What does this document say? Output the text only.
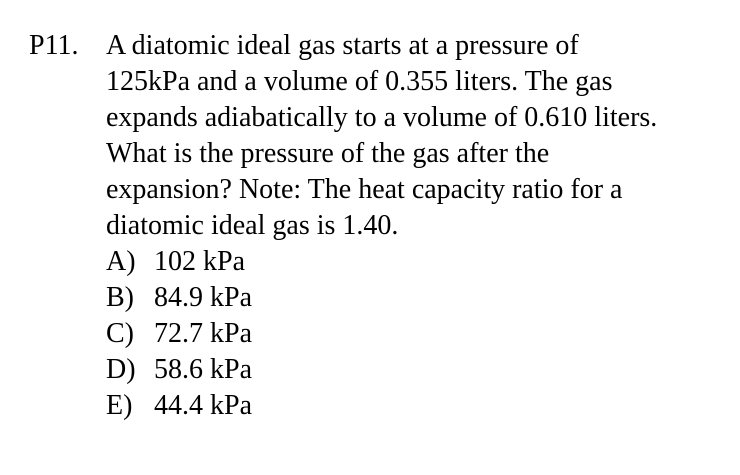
P11. A diatomic ideal gas starts at a pressure of
125kPa and a volume of 0.355 liters. The gas
expands adiabatically to a volume of 0.610 liters.
What is the pressure of the gas after the
expansion? Note: The heat capacity ratio for a
diatomic ideal gas is 1.40.
A) 102 kPa
B) 84.9 kPa
C) 72.7 kPa
D) 58.6 kPa
E) 44.4 kPa
